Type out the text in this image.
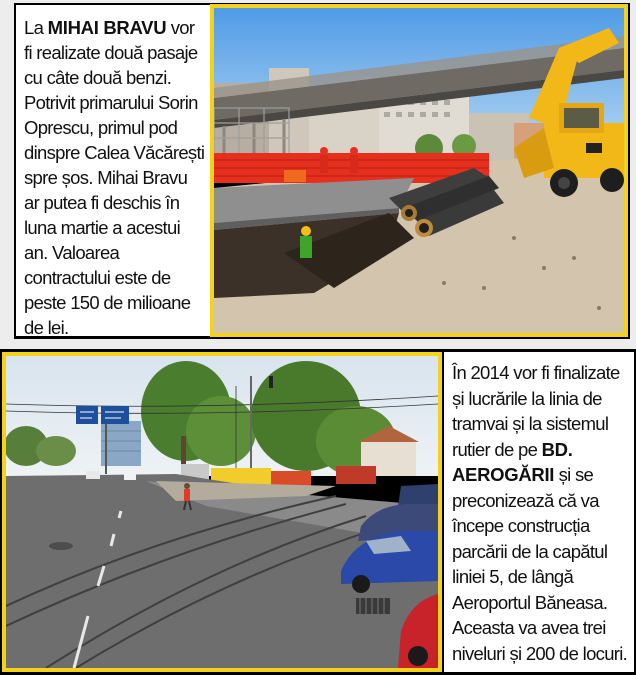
La MIHAI BRAVU vor fi realizate două pasaje cu câte două benzi. Potrivit primarului Sorin Oprescu, primul pod dinspre Calea Văcărești spre șos. Mihai Bravu ar putea fi deschis în luna martie a acestui an. Valoarea contractului este de peste 150 de milioane de lei.
În 2014 vor fi finalizate și lucrările la linia de tramvai și la sistemul rutier de pe BD. AEROGĂRII și se preconizează că va începe construcția parcării de la capătul liniei 5, de lângă Aeroportul Băneasa. Aceasta va avea trei niveluri și 200 de locuri.
